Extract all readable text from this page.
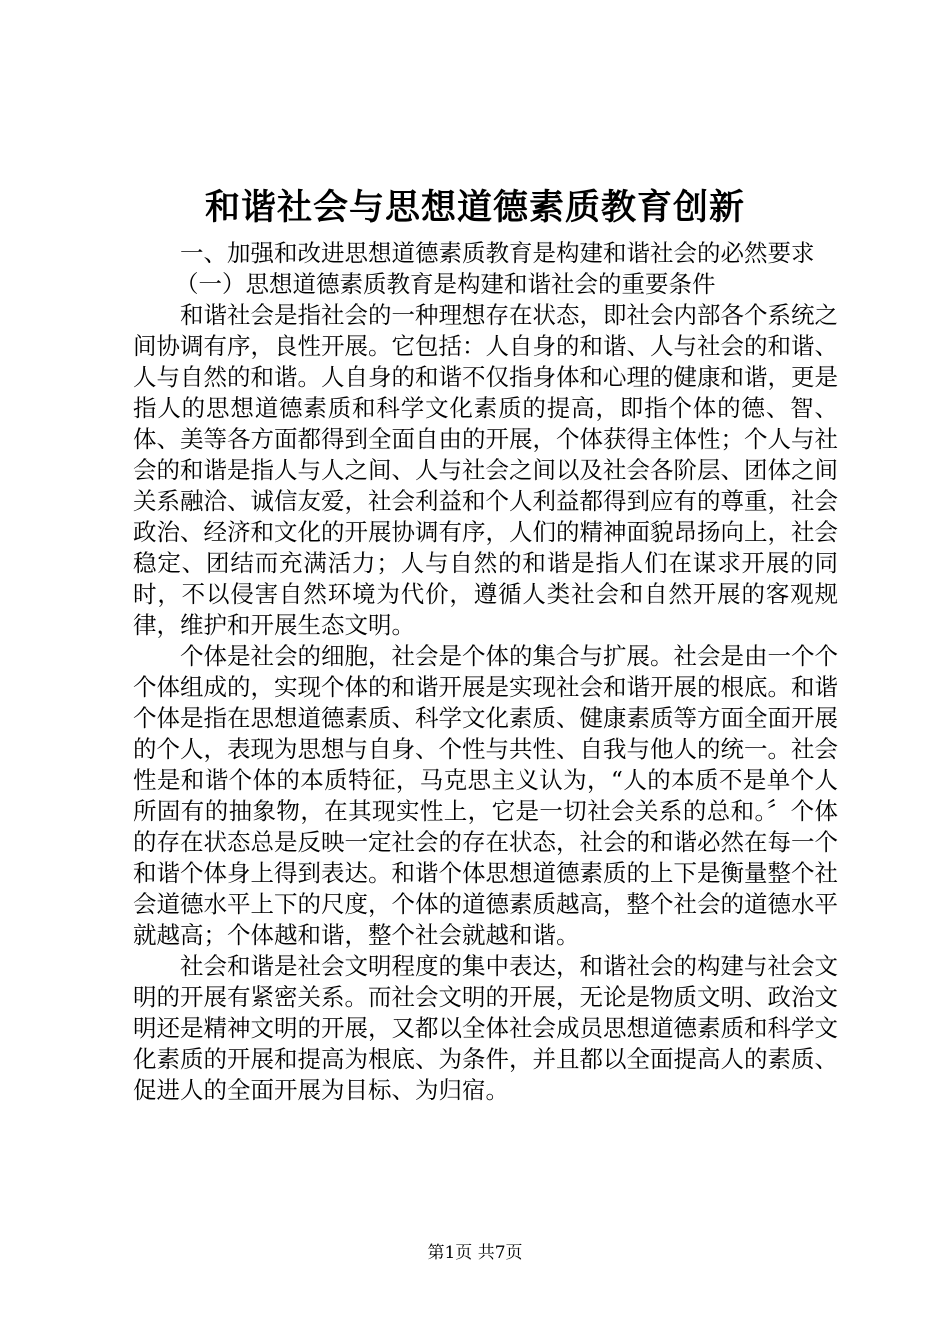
和谐社会与思想道德素质教育创新

一、加强和改进思想道德素质教育是构建和谐社会的必然要求

（一）思想道德素质教育是构建和谐社会的重要条件

和谐社会是指社会的一种理想存在状态，即社会内部各个系统之间协调有序，良性开展。它包括：人自身的和谐、人与社会的和谐、人与自然的和谐。人自身的和谐不仅指身体和心理的健康和谐，更是指人的思想道德素质和科学文化素质的提高，即指个体的德、智、体、美等各方面都得到全面自由的开展，个体获得主体性；个人与社会的和谐是指人与人之间、人与社会之间以及社会各阶层、团体之间关系融洽、诚信友爱，社会利益和个人利益都得到应有的尊重，社会政治、经济和文化的开展协调有序，人们的精神面貌昂扬向上，社会稳定、团结而充满活力；人与自然的和谐是指人们在谋求开展的同时，不以侵害自然环境为代价，遵循人类社会和自然开展的客观规律，维护和开展生态文明。

个体是社会的细胞，社会是个体的集合与扩展。社会是由一个个个体组成的，实现个体的和谐开展是实现社会和谐开展的根底。和谐个体是指在思想道德素质、科学文化素质、健康素质等方面全面开展的个人，表现为思想与自身、个性与共性、自我与他人的统一。社会性是和谐个体的本质特征，马克思主义认为，“人的本质不是单个人所固有的抽象物，在其现实性上，它是一切社会关系的总和。〞个体的存在状态总是反映一定社会的存在状态，社会的和谐必然在每一个和谐个体身上得到表达。和谐个体思想道德素质的上下是衡量整个社会道德水平上下的尺度，个体的道德素质越高，整个社会的道德水平就越高；个体越和谐，整个社会就越和谐。

社会和谐是社会文明程度的集中表达，和谐社会的构建与社会文明的开展有紧密关系。而社会文明的开展，无论是物质文明、政治文明还是精神文明的开展，又都以全体社会成员思想道德素质和科学文化素质的开展和提高为根底、为条件，并且都以全面提高人的素质、促进人的全面开展为目标、为归宿。

第1页 共7页
